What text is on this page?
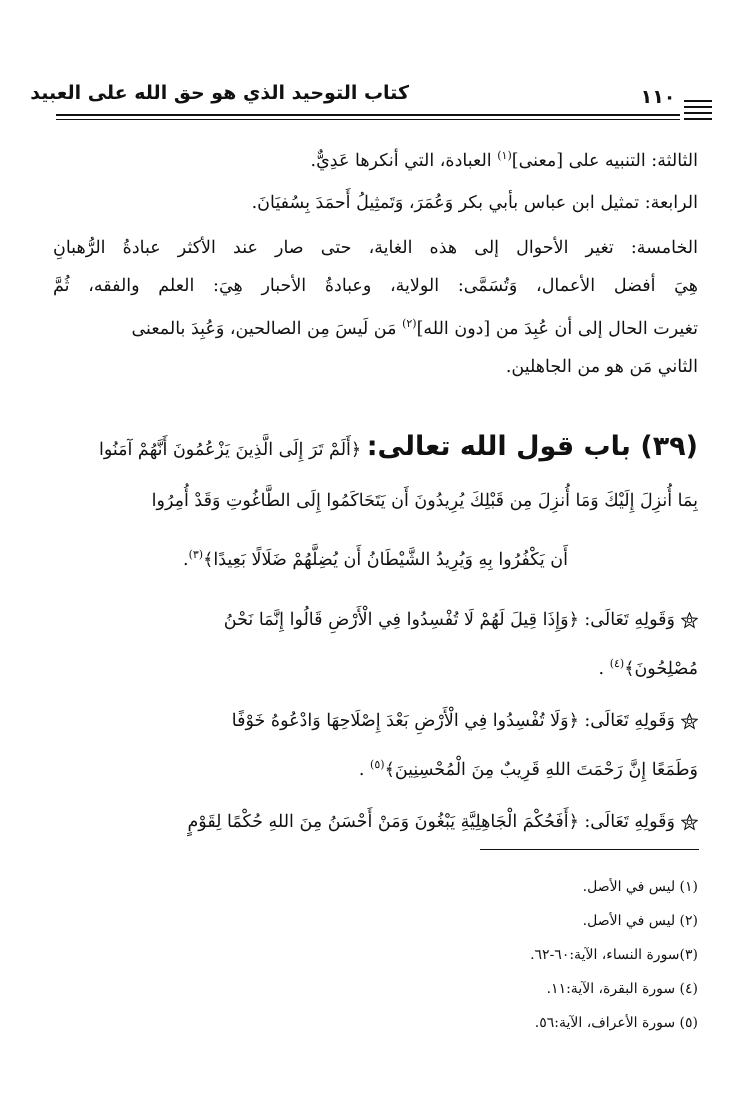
كتاب التوحيد الذي هو حق الله على العبيد	١١٠
الثالثة: التنبيه على [معنى]$^{(١)}$ العبادة، التي أنكرها عَدِيٌّ.
الرابعة: تمثيل ابن عباس بأبي بكر وَعُمَرَ، وَتَمثِيلُ أَحمَدَ بِسُفيَانَ.
الخامسة: تغير الأحوال إلى هذه الغاية، حتى صار عند الأكثر عبادةُ الرُّهبانِ
هِيَ أفضل الأعمال، وَتُسَمَّى: الولاية، وعبادةُ الأحبار هِيَ: العلم والفقه، ثُمَّ
تغيرت الحال إلى أن عُبِدَ من [دون الله]$^{(٢)}$ مَن لَيسَ مِن الصالحين، وَعُبِدَ بالمعنى
الثاني مَن هو من الجاهلين.
(٣٩) باب قول الله تعالى: ﴿أَلَمْ تَرَ إِلَى الَّذِينَ يَزْعُمُونَ أَنَّهُمْ آمَنُوا
بِمَا أُنزِلَ إِلَيْكَ وَمَا أُنزِلَ مِن قَبْلِكَ يُرِيدُونَ أَن يَتَحَاكَمُوا إِلَى الطَّاغُوتِ وَقَدْ أُمِرُوا
أَن يَكْفُرُوا بِهِ وَيُرِيدُ الشَّيْطَانُ أَن يُضِلَّهُمْ ضَلَالًا بَعِيدًا﴾$^{(٣)}$.
وَقَولِهِ تَعَالَى: ﴿وَإِذَا قِيلَ لَهُمْ لَا تُفْسِدُوا فِي الْأَرْضِ قَالُوا إِنَّمَا نَحْنُ
مُصْلِحُونَ﴾$^{(٤)}$ .
وَقَولِهِ تَعَالَى: ﴿وَلَا تُفْسِدُوا فِي الْأَرْضِ بَعْدَ إِصْلَاحِهَا وَادْعُوهُ خَوْفًا
وَطَمَعًا إِنَّ رَحْمَتَ اللهِ قَرِيبٌ مِنَ الْمُحْسِنِينَ﴾$^{(٥)}$ .
وَقَولِهِ تَعَالَى: ﴿أَفَحُكْمَ الْجَاهِلِيَّةِ يَبْغُونَ وَمَنْ أَحْسَنُ مِنَ اللهِ حُكْمًا لِقَوْمٍ
(١) ليس في الأصل.
(٢) ليس في الأصل.
(٣)سورة النساء، الآية:٦٠-٦٢.
(٤) سورة البقرة، الآية:١١.
(٥) سورة الأعراف، الآية:٥٦.
